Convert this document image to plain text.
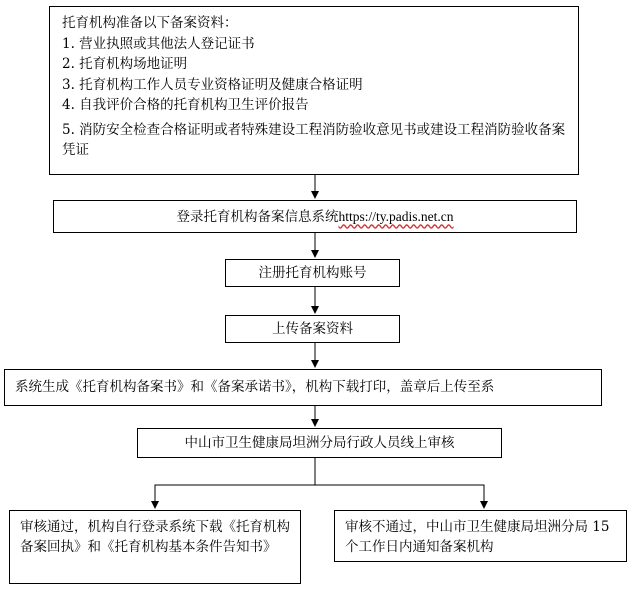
托育机构准备以下备案资料：

1. 营业执照或其他法人登记证书
2. 托育机构场地证明
3. 托育机构工作人员专业资格证明及健康合格证明
4. 自我评价合格的托育机构卫生评价报告
5. 消防安全检查合格证明或者特殊建设工程消防验收意见书或建设工程消防验收备案凭证
登录托育机构备案信息系统 https://ty.padis.net.cn
注册托育机构账号
上传备案资料
系统生成《托育机构备案书》和《备案承诺书》，机构下载打印，盖章后上传至系
中山市卫生健康局坦洲分局行政人员线上审核
审核通过，机构自行登录系统下载《托育机构备案回执》和《托育机构基本条件告知书》
审核不通过，中山市卫生健康局坦洲分局 15 个工作日内通知备案机构
